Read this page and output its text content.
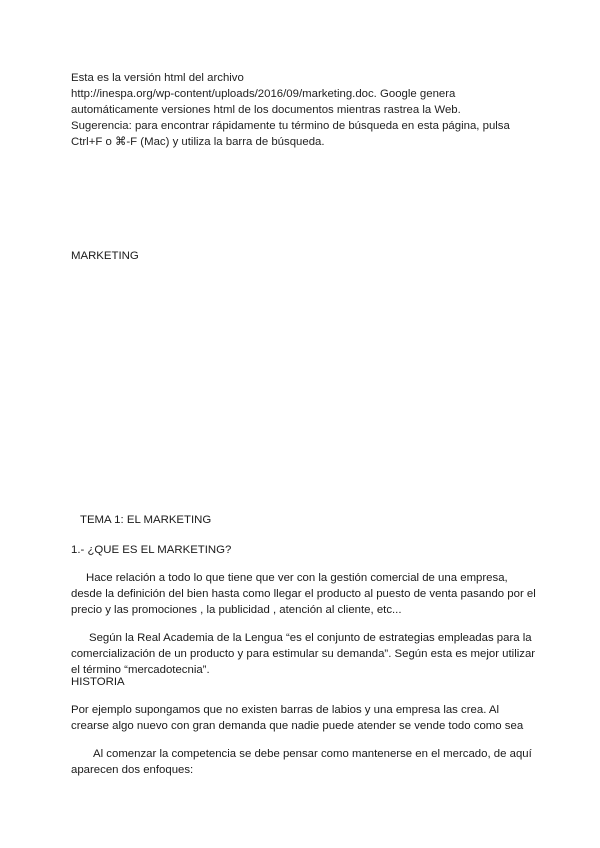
Esta es la versión html del archivo

http://inespa.org/wp-content/uploads/2016/09/marketing.doc. Google genera

automáticamente versiones html de los documentos mientras rastrea la Web.

Sugerencia: para encontrar rápidamente tu término de búsqueda en esta página, pulsa

Ctrl+F o ⌘-F (Mac) y utiliza la barra de búsqueda.

MARKETING

TEMA 1: EL MARKETING

1.- ¿QUE ES EL MARKETING?

Hace relación a todo lo que tiene que ver con la gestión comercial de una empresa,

desde la definición del bien hasta como llegar el producto al puesto de venta pasando por el

precio y las promociones , la publicidad , atención al cliente, etc...

Según la Real Academia de la Lengua “es el conjunto de estrategias empleadas para la

comercialización de un producto y para estimular su demanda”. Según esta es mejor utilizar

el término “mercadotecnia”.

HISTORIA

Por ejemplo supongamos que no existen barras de labios y una empresa las crea. Al

crearse algo nuevo con gran demanda que nadie puede atender se vende todo como sea

Al comenzar la competencia se debe pensar como mantenerse en el mercado, de aquí

aparecen dos enfoques:
